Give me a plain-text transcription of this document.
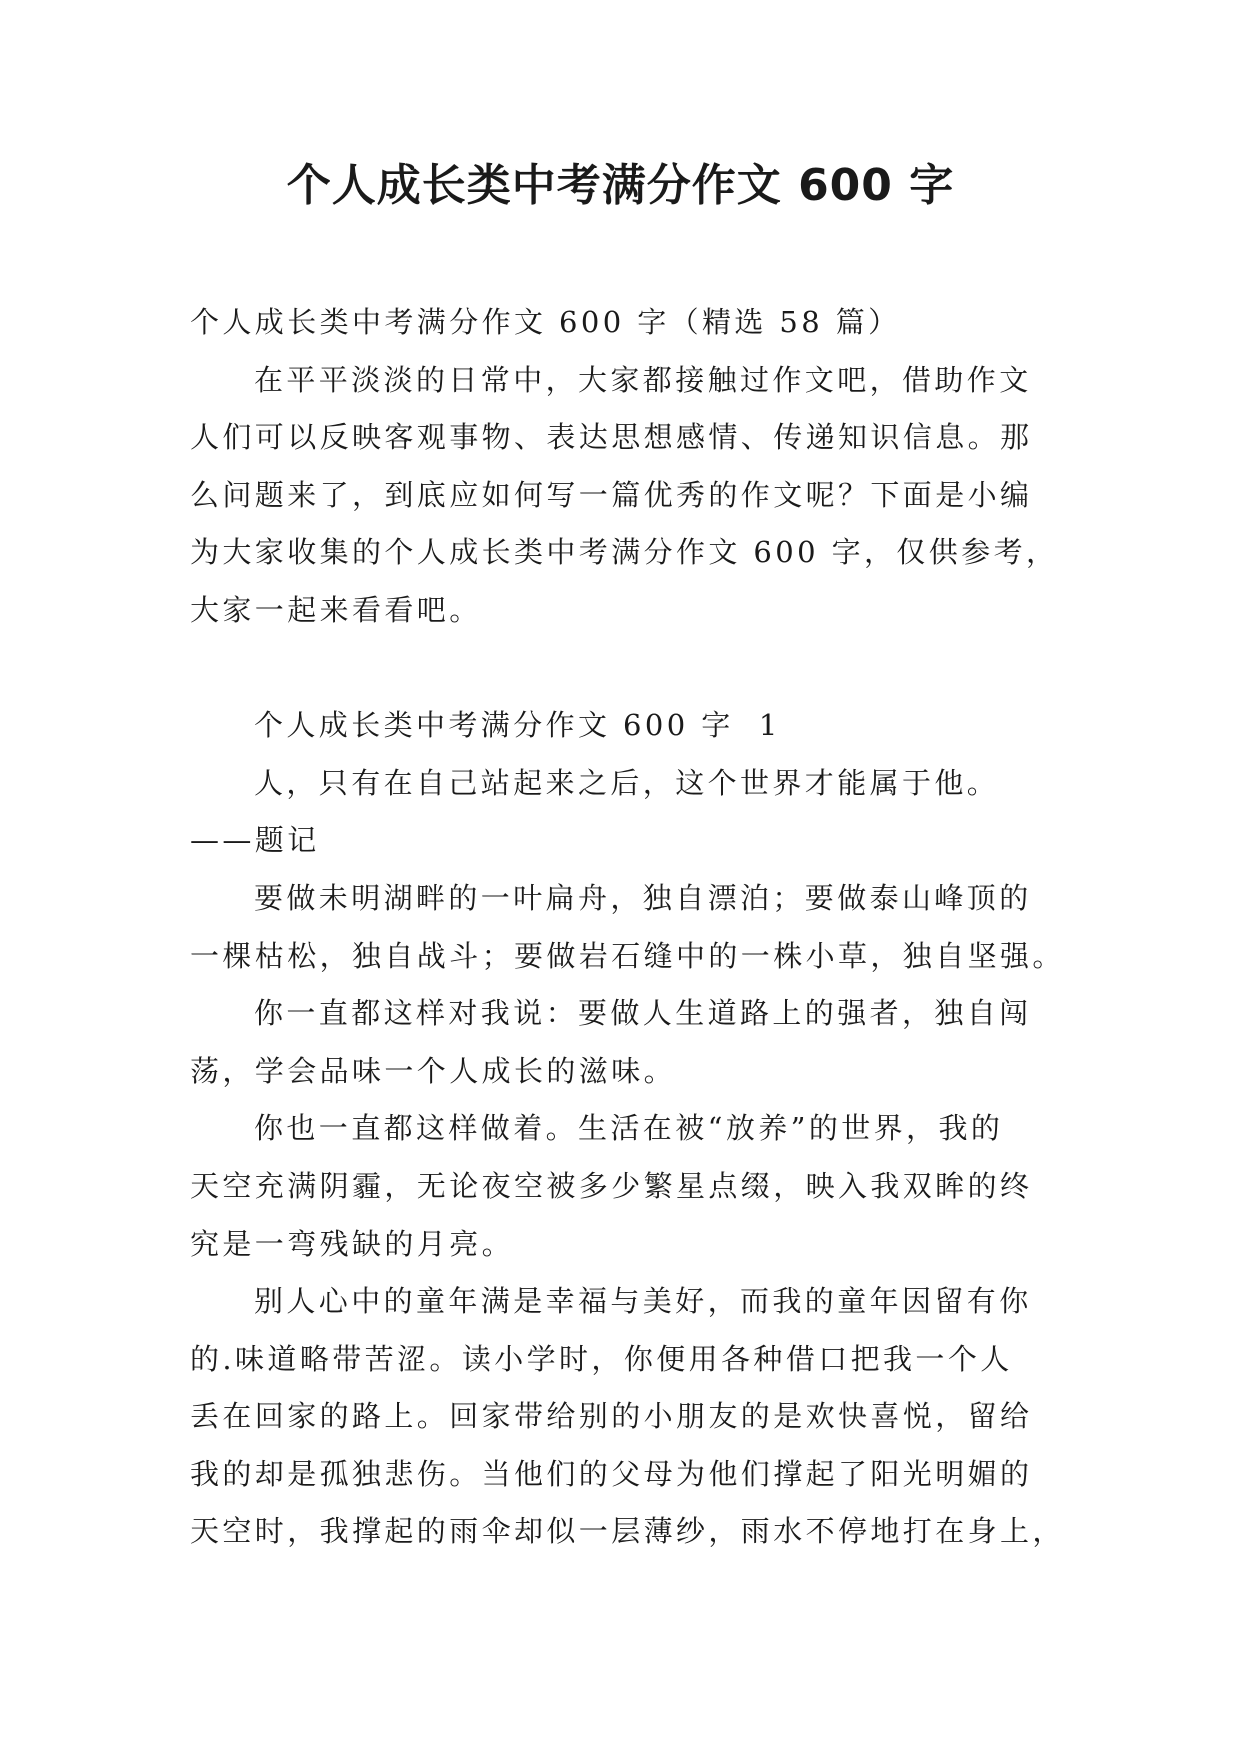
个人成长类中考满分作文 600 字

个人成长类中考满分作文 600 字（精选 58 篇）

在平平淡淡的日常中，大家都接触过作文吧，借助作文
人们可以反映客观事物、表达思想感情、传递知识信息。那
么问题来了，到底应如何写一篇优秀的作文呢？下面是小编
为大家收集的个人成长类中考满分作文 600 字，仅供参考，
大家一起来看看吧。

个人成长类中考满分作文 600 字  1

人，只有在自己站起来之后，这个世界才能属于他。
——题记

要做未明湖畔的一叶扁舟，独自漂泊；要做泰山峰顶的
一棵枯松，独自战斗；要做岩石缝中的一株小草，独自坚强。

你一直都这样对我说：要做人生道路上的强者，独自闯
荡，学会品味一个人成长的滋味。

你也一直都这样做着。生活在被“放养”的世界，我的
天空充满阴霾，无论夜空被多少繁星点缀，映入我双眸的终
究是一弯残缺的月亮。

别人心中的童年满是幸福与美好，而我的童年因留有你
的.味道略带苦涩。读小学时，你便用各种借口把我一个人
丢在回家的路上。回家带给别的小朋友的是欢快喜悦，留给
我的却是孤独悲伤。当他们的父母为他们撑起了阳光明媚的
天空时，我撑起的雨伞却似一层薄纱，雨水不停地打在身上，
